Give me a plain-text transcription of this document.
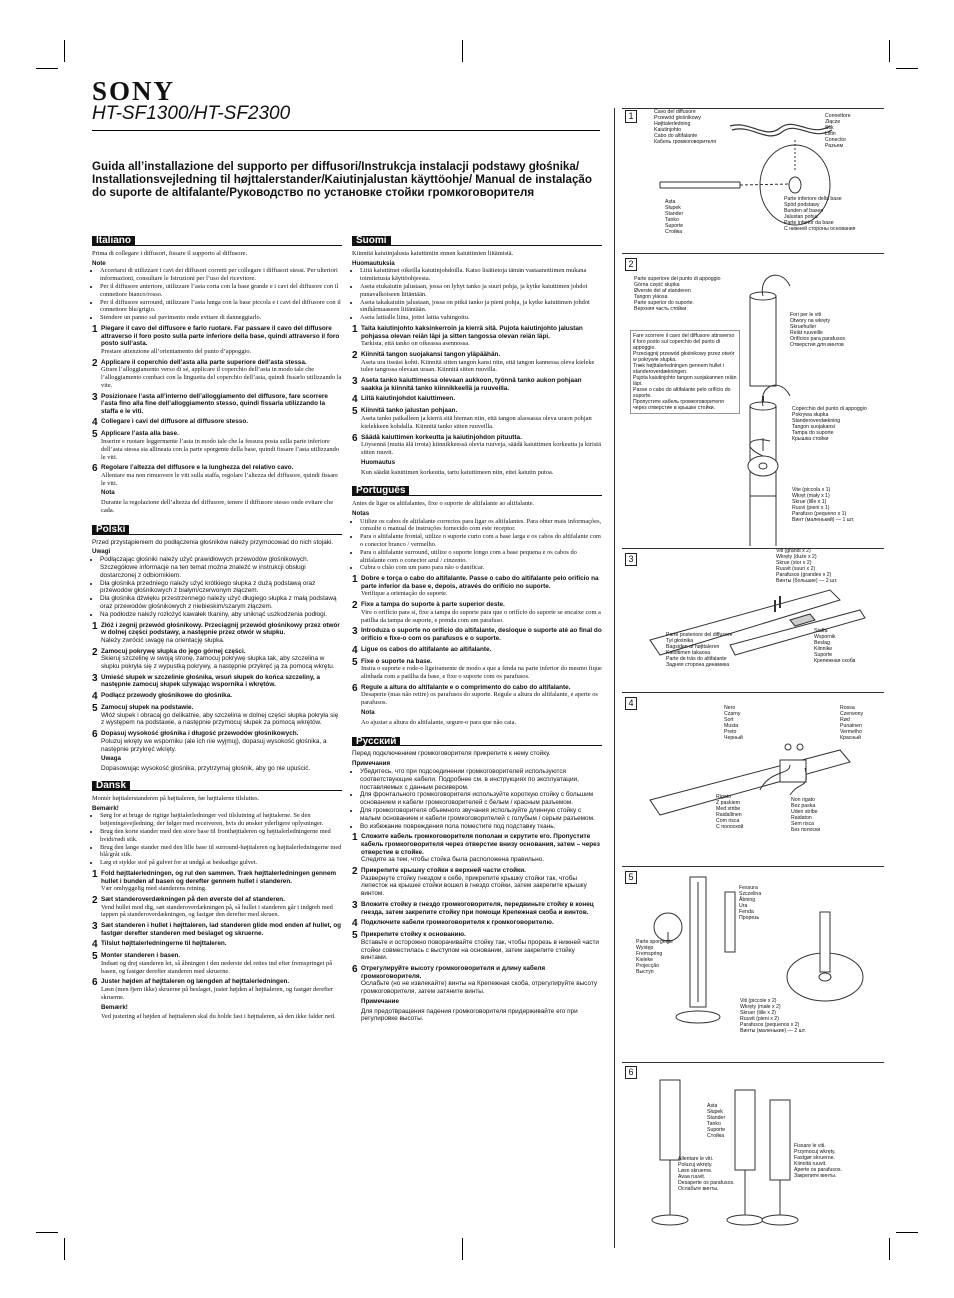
SONY
HT-SF1300/HT-SF2300
Guida all’installazione del supporto per diffusori/Instrukcja instalacji podstawy głośnika/ Installationsvejledning til højttalerstander/Kaiutinjalustan käyttöohje/ Manual de instalação do suporte de altifalante/Руководство по установке стойки громкоговорителя
Italiano
Prima di collegare i diffusori, fissare il supporto al diffusore.
Note
• Accertarsi di utilizzare i cavi dei diffusori corretti per collegare i diffusori stessi. Per ulteriori informazioni, consultare le Istruzioni per l’uso del ricevitore.
• Per il diffusore anteriore, utilizzare l’asta corta con la base grande e i cavi del diffusore con il connettore bianco/rosso.
• Per il diffusore surround, utilizzare l’asta lunga con la base piccola e i cavi del diffusore con il connettore blu/grigio.
• Stendere un panno sul pavimento onde evitare di danneggiarlo.
1 Piegare il cavo del diffusore e farlo ruotare. Far passare il cavo del diffusore attraverso il foro posto sulla parte inferiore della base, quindi attraverso il foro posto sull’asta.
Prestare attenzione all’orientamento del punto d’appoggio.
2 Applicare il coperchio dell’asta alla parte superiore dell’asta stessa.
Girare l’alloggiamento verso di sé, applicare il coperchio dell’asta in modo tale che l’alloggiamento combaci con la linguetta del coperchio dell’asta, quindi fissarlo utilizzando la vite.
3 Posizionare l’asta all’interno dell’alloggiamento del diffusore, fare scorrere l’asta fino alla fine dell’alloggiamento stesso, quindi fissarla utilizzando la staffa e le viti.
4 Collegare i cavi del diffusore al diffusore stesso.
5 Applicare l’asta alla base.
Inserire e ruotare leggermente l’asta in modo tale che la fessura posta sulla parte inferiore dell’asta stessa sia allineata con la parte sporgente della base, quindi fissare l’asta utilizzando le viti.
6 Regolare l’altezza del diffusore e la lunghezza del relativo cavo.
Allentare ma non rimuovere le viti sulla staffa, regolare l’altezza del diffusore, quindi fissare le viti.
Nota
Durante la regolazione dell’altezza del diffusore, tenere il diffusore stesso onde evitare che cada.
Polski
Przed przystąpieniem do podłączenia głośników należy przymocować do nich stojaki.
Uwagi
• Podłączając głośniki należy użyć prawidłowych przewodów głośnikowych. Szczegółowe informacje na ten temat można znaleźć w instrukcji obsługi dostarczonej z odbiornikiem.
• Dla głośnika przedniego należy użyć krótkiego słupka z dużą podstawą oraz przewodów głośnikowych z białym/czerwonym złączem.
• Dla głośnika dźwięku przestrzennego należy użyć długiego słupka z małą podstawą oraz przewodów głośnikowych z niebieskim/szarym złączem.
• Na podłodze należy rozłożyć kawałek tkaniny, aby uniknąć uszkodzenia podłogi.
1 Złóż i zegnij przewód głośnikowy. Przeciągnij przewód głośnikowy przez otwór w dolnej części podstawy, a następnie przez otwór w słupku.
Należy zwrócić uwagę na orientację słupka.
2 Zamocuj pokrywę słupka do jego górnej części.
Skieruj szczelinę w swoją stronę, zamocuj pokrywę słupka tak, aby szczelina w słupku pokryła się z wypustką pokrywy, a następnie przykręć ją za pomocą wkrętu.
3 Umieść słupek w szczelinie głośnika, wsuń słupek do końca szczeliny, a następnie zamocuj słupek używając wspornika i wkrętów.
4 Podłącz przewody głośnikowe do głośnika.
5 Zamocuj słupek na podstawie.
Włóż słupek i obracaj go delikatnie, aby szczelina w dolnej części słupka pokryła się z występem na podstawie, a następnie przymocuj słupek za pomocą wkrętów.
6 Dopasuj wysokość głośnika i długość przewodów głośnikowych.
Poluzuj wkręty we wsporniku (ale ich nie wyjmuj), dopasuj wysokość głośnika, a następnie przykręć wkręty.
Uwaga
Dopasowując wysokość głośnika, przytrzymaj głośnik, aby go nie upuścić.
Dansk
Montér højttalerstanderen på højttaleren, før højttalerne tilsluttes.
Bemærk!
• Sørg for at bruge de rigtige højttalerledninger ved tilslutning af højttalerne. Se den betjeningsvejledning, der følger med receiveren, hvis du ønsker yderligere oplysninger.
• Brug den korte stander med den store base til fronthøjttaleren og højttalerledningerne med hvidt/rødt stik.
• Brug den lange stander med den lille base til surround-højttaleren og højttalerledningerne med blå/gråt stik.
• Læg et stykke stof på gulvet for at undgå at beskadige gulvet.
1 Fold højttalerledningen, og rul den sammen. Træk højttalerledningen gennem hullet i bunden af basen og derefter gennem hullet i standeren.
Vær omhyggelig med standerens retning.
2 Sæt standeroverdækningen på den øverste del af standeren.
Vend hullet mod dig, sæt standeroverdækningen på, så hullet i standeren går i indgreb med tappen på standeroverdækningen, og fastgør den derefter med skruen.
3 Sæt standeren i hullet i højttaleren, lad standeren glide mod enden af hullet, og fastgør derefter standeren med beslaget og skruerne.
4 Tilslut højttalerledningerne til højttaleren.
5 Monter standeren i basen.
Indsæt og drej standeren let, så åbningen i den nederste del rettes ind efter fremspringet på basen, og fastgør derefter standeren med skruerne.
6 Juster højden af højttaleren og længden af højttalerledningen.
Løsn (men fjern ikke) skruerne på beslaget, juster højden af højttaleren, og fastgør derefter skruerne.
Bemærk!
Ved justering af højden af højttaleren skal du holde fast i højttaleren, så den ikke falder ned.
Suomi
Kiinnitä kaiutinjalusta kaiuttimiin ennen kaiuttimien liitämistä.
Huomautuksia
• Liitä kaiuttimet oikeilla kaiutinjohdoilla. Katso lisätietoja tämän vastaanottimen mukana toimitetusta käyttöohjeesta.
• Aseta etukaiutin jalustaan, jossa on lyhyt tanko ja suuri pohja, ja kytke kaiuttimen johdot punavalkoiseen liitäntään.
• Aseta takakaiutin jalustaan, jossa on pitkä tanko ja pieni pohja, ja kytke kaiuttimen johdot sinihårmaaseen liitäntään.
• Aseta lattialle liina, jottei lattia vahingoitu.
1 Taita kaiutinjohto kaksinkerroin ja kierrä sitä. Pujota kaiutinjohto jalustan pohjassa olevan reiän läpi ja sitten tangossa olevan reiän läpi.
Tarkista, että tanko on oikeassa asennossa.
2 Kiinnitä tangon suojakansi tangon yläpäähän.
Aseta ura itseäsi kohti. Kiinnitä sitten tangon kansi niin, että tangon kannessa oleva kieleke tulee tangossa olevaan uraan. Kiinnitä sitten ruuvilla.
3 Aseta tanko kaiuttimessa olevaan aukkoon, työnnä tanko aukon pohjaan saakka ja kiinnitä tanko kiinnikkeellä ja ruuveilla.
4 Liitä kaiutinjohdot kaiuttimeen.
5 Kiinnitä tanko jalustan pohjaan.
Aseta tanko paikalleen ja kierrä sitä hieman niin, että tangon alaosassa oleva uraon pohjan kielekkeen kohdalla. Kiinnitä tanko sitten ruuveilla.
6 Säädä kaiuttimen korkeutta ja kaiutinjohdon pituutta.
Löysennä (mutta älä irrota) kiinnikkeessä olevia ruuveja, säädä kaiuttimen korkeutta ja kiristä sitten ruuvit.
Huomautus
Kun säädät kaiuttimen korkeutta, tartu kaiuttimeen niin, ettei kaiutin putoa.
Português
Antes de ligar os altifalantes, fixe o suporte de altifalante ao altifalante.
Notas
• Utilize os cabos de altifalante correctos para ligar os altifalantes. Para obter mais informações, consulte o manual de instruções fornecido com este receptor.
• Para o altifalante frontal, utilize o suporte curto com a base larga e os cabos do altifalante com o conector branco / vermelho.
• Para o altifalante surround, utilize o suporte longo com a base pequena e os cabos do altifalante com o conector azul / cinzento.
• Cubra o chão com um pano para não o danificar.
1 Dobre e torça o cabo do altifalante. Passe o cabo do altifalante pelo orifício na parte inferior da base e, depois, através do orifício no suporte.
Verifique a orientação do suporte.
2 Fixe a tampa do suporte à parte superior deste.
Vire o orifício para si, fixe a tampa do suporte para que o orifício do suporte se encaixe com a patilha da tampa de suporte, e prenda com um parafuso.
3 Introduza o suporte no orifício do altifalante, desloque o suporte até ao final do orifício e fixe-o com os parafusos e o suporte.
4 Ligue os cabos do altifalante ao altifalante.
5 Fixe o suporte na base.
Insira o suporte e rode-o ligeiramente de modo a que a fenda na parte inferior do mesmo fique alinhada com a patilha da base, e fixe o suporte com os parafusos.
6 Regule a altura do altifalante e o comprimento do cabo do altifalante.
Desaperte (mas não retire) os parafusos do suporte. Regule a altura do altifalante, e aperte os parafusos.
Nota
Ao ajustar a altura do altifalante, segure-o para que não caia.
Русский
Перед подключением громкоговорителя прикрепите к нему стойку.
Примечания
• Убедитесь, что при подсоединении громкоговорителей используются соответствующие кабели. Подробнее см. в инструкциях по эксплуатации, поставляемых с данным ресивером.
• Для фронтального громкоговорителя используйте короткую стойку с большим основанием и кабели громкоговорителей с белым / красным разъемом.
• Для громкоговорителя объемного звучания используйте длинную стойку с малым основанием и кабели громкоговорителей с голубым / серым разъемом.
• Во избежание повреждения пола поместите под подставку ткань.
1 Сложите кабель громкоговорителя пополам и скрутите его. Пропустите кабель громкоговорителя через отверстие внизу основания, затем – через отверстие в стойке.
Следите за тем, чтобы стойка была расположена правильно.
2 Прикрепите крышку стойки к верхней части стойки.
Развернуте стойку гнездом к себе, прикрепите крышку стойки так, чтобы лепесток на крышке стойки вошел в гнездо стойки, затем закрепите крышку винтом.
3 Вложите стойку в гнездо громкоговорителя, передвиньте стойку в конец гнезда, затем закрепите стойку при помощи Крепежная скоба и винтов.
4 Подключите кабели громкоговорителя к громкоговорителю.
5 Прикрепите стойку к основанию.
Вставьте и осторожно поворачивайте стойку так, чтобы прорезь в нижней части стойки совместилась с выступом на основании, затем закрепите стойку винтами.
6 Отрегулируйте высоту громкоговорителя и длину кабеля громкоговорителя.
Ослабьте (но не извлекайте) винты на Крепежная скоба, отрегулируйте высоту громкоговорителя, затем затяните винты.
Примечание
Для предотвращения падения громкоговорителя придерживайте его при регулировке высоты.
1	Cavo del diffusore
Przewód głośnikowy
Højttalerledning
Kaiutinjohto
Cabo do altifalante
Кабель громкоговорителя
Connettore
Złącze
Stik
Liitin
Conector
Разъем
Asta
Słupek
Stander
Tanko
Suporte
Стойка
Parte inferiore della base
Spód podstawy
Bunden af basen
Jalustan pohja
Parte inferior da base
С нижней стороны основания
2
Parte superiore del punto di appoggio
Górna część słupka
Øverste del af standeren
Tangon yläosa
Parte superior do suporte.
Верхняя часть стойки
Fori per le viti
Otwory na wkręty
Skruehuller
Reiät ruuveille
Orifícios para parafusos
Отверстия для винтов
Fare scorrere il cavo del diffusore attraverso il foro posto sul coperchio del punto di appoggio.
Przeciągnij przewód głośnikowy przez otwór w pokrywie słupka.
Træk højttalerledningen gennem hullet i standeroverdækningen.
Pujota kaiutinjohto tangon suojakannen reiän läpi.
Passe o cabo do altifalante pelo orifício do suporte.
Пропустите кабель громкоговорителя через отверстие в крышке стойки.	Coperchio del punto di appoggio
Pokrywa słupka
Standeroverdækning
Tangon suojakansi
Tampa do suporte
Крышка стойки
Vite (piccola x 1)
Wkręt (mały x 1)
Skrue (lille x 1)
Ruuvi (pieni x 1)
Parafuso (pequeno x 1)
Винт (маленький) — 1 шт.
3
Viti (grandi x 2)
Wkręty (duże x 2)
Skrue (stor x 2)
Ruuvit (suuri x 2)
Parafusos (grandes x 2)
Винты (большие) — 2 шт.
Parte posteriore del diffusore
Tył głośnika
Bagsiden af højttaleren
Kaiuttimen takaosa
Parte de trás do altifalante
Задняя сторона динамика
Staffa
Wspornik
Beslag
Kiinnike
Suporte
Крепежная скоба
4	Nero
Czarny
Sort
Musta
Preto
Черный
Rossa
Czerwony
Rød
Punainen
Vermelho
Красный
Rigato
Z paskiem
Med stribe
Raidallinen
Com risca
С полоской
Non rigato
Bez paska
Uden stribe
Raidaton
Sem risca
Без полоски
5
Fessura
Szczelina
Åbning
Ura
Fenda
Прорезь
Parte sporgente
Występ
Fremspring
Kieleke
Projecção
Выступ
Viti (piccole x 2)
Wkręty (małe x 2)
Skruer (lille x 2)
Ruuvit (pieni x 2)
Parafusos (pequenos x 2)
Винты (маленькие) — 2 шт.
6
Asta
Słupek
Stander
Tanko
Suporte
Стойка
Allentare le viti.
Poluzuj wkręty.
Løsn skruerne.
Avaa ruuvit.
Desaperte os parafusos.
Ослабьте винты.
Fissare le viti.
Przymocuj wkręty.
Fastgør skruerne.
Kiinnitä ruuvit.
Aperte os parafusos.
Закрепите винты.
